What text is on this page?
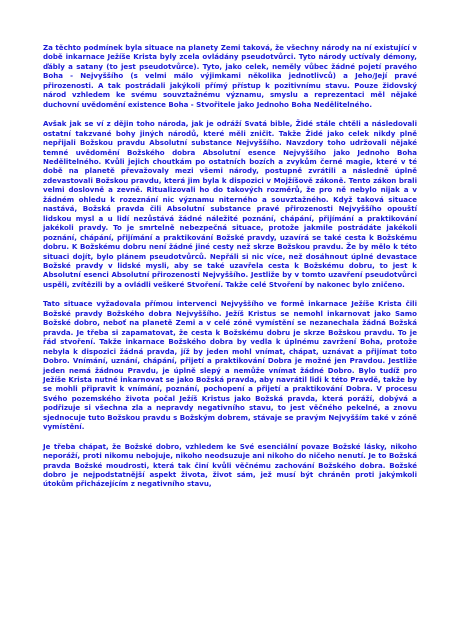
Za těchto podmínek byla situace na planety Zemi taková, že všechny národy na ní existující v době inkarnace Ježíše Krista byly zcela ovládány pseudotvůrci. Tyto národy uctívaly démony, ďábly a satany (to jest pseudotvůrce). Tyto, jako celek, neměly vůbec žádné pojetí pravého Boha - Nejvyššího (s velmi málo výjimkami několika jednotlivců) a Jeho/Její pravé přirozenosti. A tak postrádali jakýkoli přímý přístup k pozitivnímu stavu. Pouze židovský národ vzhledem ke svému souvztažnému významu, smyslu a reprezentaci měl nějaké duchovní uvědomění existence Boha - Stvořitele jako Jednoho Boha Nedělitelného.

Avšak jak se ví z dějin toho národa, jak je odráží Svatá bible, Židé stále chtěli a následovali ostatní takzvané bohy jiných národů, které měli zničit. Takže Židé jako celek nikdy plně nepřijali Božskou pravdu Absolutní substance Nejvyššího. Navzdory toho udržovali nějaké temné uvědomění Božského dobra Absolutní esence Nejvyššího jako Jednoho Boha Nedělitelného. Kvůli jejich choutkám po ostatních bozích a zvykům černé magie, které v té době na planetě převažovaly mezi všemi národy, postupně zvrátili a následně úplně zdevastovali Božskou pravdu, která jim byla k dispozici v Mojžíšově zákoně. Tento zákon brali velmi doslovně a zevně. Ritualizovali ho do takových rozměrů, že pro ně nebylo nijak a v žádném ohledu k rozeznání nic významu niterného a souvztažného. Když taková situace nastává, Božská pravda čili Absolutní substance pravé přirozenosti Nejvyššího opouští lidskou mysl a u lidí nezůstává žádné náležité poznání, chápání, přijímání a praktikování jakékoli pravdy. To je smrtelně nebezpečná situace, protože jakmile postrádáte jakékoli poznání, chápání, přijímání a praktikování Božské pravdy, uzavírá se také cesta k Božskému dobru. K Božskému dobru není žádné jiné cesty než skrze Božskou pravdu. Že by mělo k této situaci dojít, bylo plánem pseudotvůrců. Nepřáli si nic více, než dosáhnout úplné devastace Božské pravdy v lidské mysli, aby se také uzavřela cesta k Božskému dobru, to jest k Absolutní esenci Absolutní přirozenosti Nejvyššího. Jestliže by v tomto uzavření pseudotvůrci uspěli, zvítězili by a ovládli veškeré Stvoření. Takže celé Stvoření by nakonec bylo zničeno.

Tato situace vyžadovala přímou intervenci Nejvyššího ve formě inkarnace Ježíše Krista čili Božské pravdy Božského dobra Nejvyššího. Ježíš Kristus se nemohl inkarnovat jako Samo Božské dobro, neboť na planetě Zemi a v celé zóně vymístění se nezanechala žádná Božská pravda. Je třeba si zapamatovat, že cesta k Božskému dobru je skrze Božskou pravdu. To je řád stvoření. Takže inkarnace Božského dobra by vedla k úplnému zavržení Boha, protože nebyla k dispozici žádná pravda, jíž by jeden mohl vnímat, chápat, uznávat a přijímat toto Dobro. Vnímání, uznání, chápání, přijetí a praktikování Dobra je možné jen Pravdou. Jestliže jeden nemá žádnou Pravdu, je úplně slepý a nemůže vnímat žádné Dobro. Bylo tudíž pro Ježíše Krista nutné inkarnovat se jako Božská pravda, aby navrátil lidi k této Pravdě, takže by se mohli připravit k vnímání, poznání, pochopení a přijetí a praktikování Dobra. V procesu Svého pozemského života počal Ježíš Kristus jako Božská pravda, která poráží, dobývá a podřizuje si všechna zla a nepravdy negativního stavu, to jest věčného pekelné, a znovu sjednocuje tuto Božskou pravdu s Božským dobrem, stávaje se pravým Nejvyšším také v zóně vymístění.

Je třeba chápat, že Božské dobro, vzhledem ke Své esenciální povaze Božské lásky, nikoho neporáží, proti nikomu nebojuje, nikoho neodsuzuje ani nikoho do ničeho nenutí. Je to Božská pravda Božské moudrosti, která tak činí kvůli věčnému zachování Božského dobra. Božské dobro je nejpodstatnější aspekt života, život sám, jež musí být chráněn proti jakýmkoli útokům přicházejícím z negativního stavu,
